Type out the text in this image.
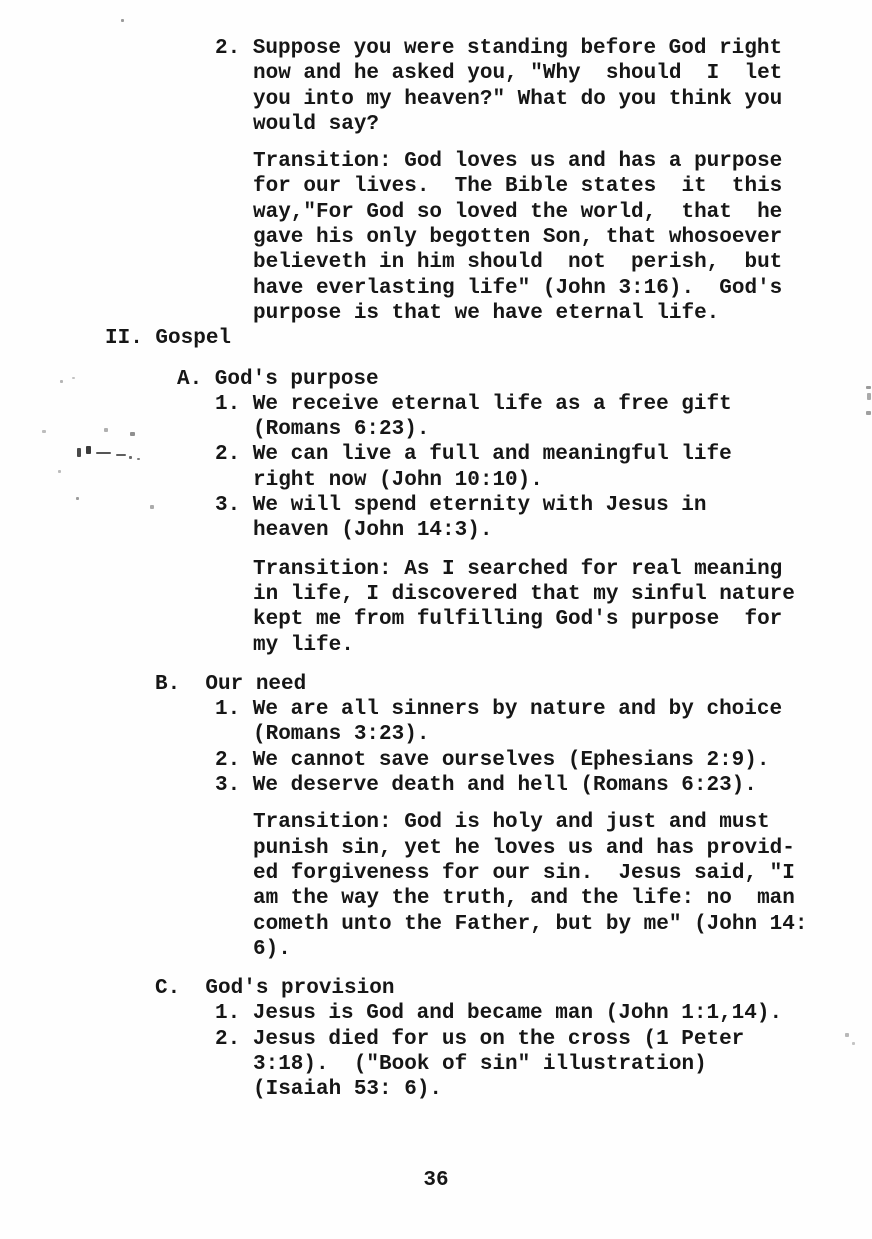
2. Suppose you were standing before God right
now and he asked you, "Why  should  I  let
you into my heaven?" What do you think you
would say?
Transition: God loves us and has a purpose
for our lives.  The Bible states  it  this
way,"For God so loved the world,  that  he
gave his only begotten Son, that whosoever
believeth in him should  not  perish,  but
have everlasting life" (John 3:16).  God's
purpose is that we have eternal life.
II. Gospel
A. God's purpose
1. We receive eternal life as a free gift
(Romans 6:23).
2. We can live a full and meaningful life
right now (John 10:10).
3. We will spend eternity with Jesus in
heaven (John 14:3).
Transition: As I searched for real meaning
in life, I discovered that my sinful nature
kept me from fulfilling God's purpose  for
my life.
B.  Our need
1. We are all sinners by nature and by choice
(Romans 3:23).
2. We cannot save ourselves (Ephesians 2:9).
3. We deserve death and hell (Romans 6:23).
Transition: God is holy and just and must
punish sin, yet he loves us and has provid-
ed forgiveness for our sin.  Jesus said, "I
am the way the truth, and the life: no  man
cometh unto the Father, but by me" (John 14:
6).
C.  God's provision
1. Jesus is God and became man (John 1:1,14).
2. Jesus died for us on the cross (1 Peter
3:18).  ("Book of sin" illustration)
(Isaiah 53: 6).
36
